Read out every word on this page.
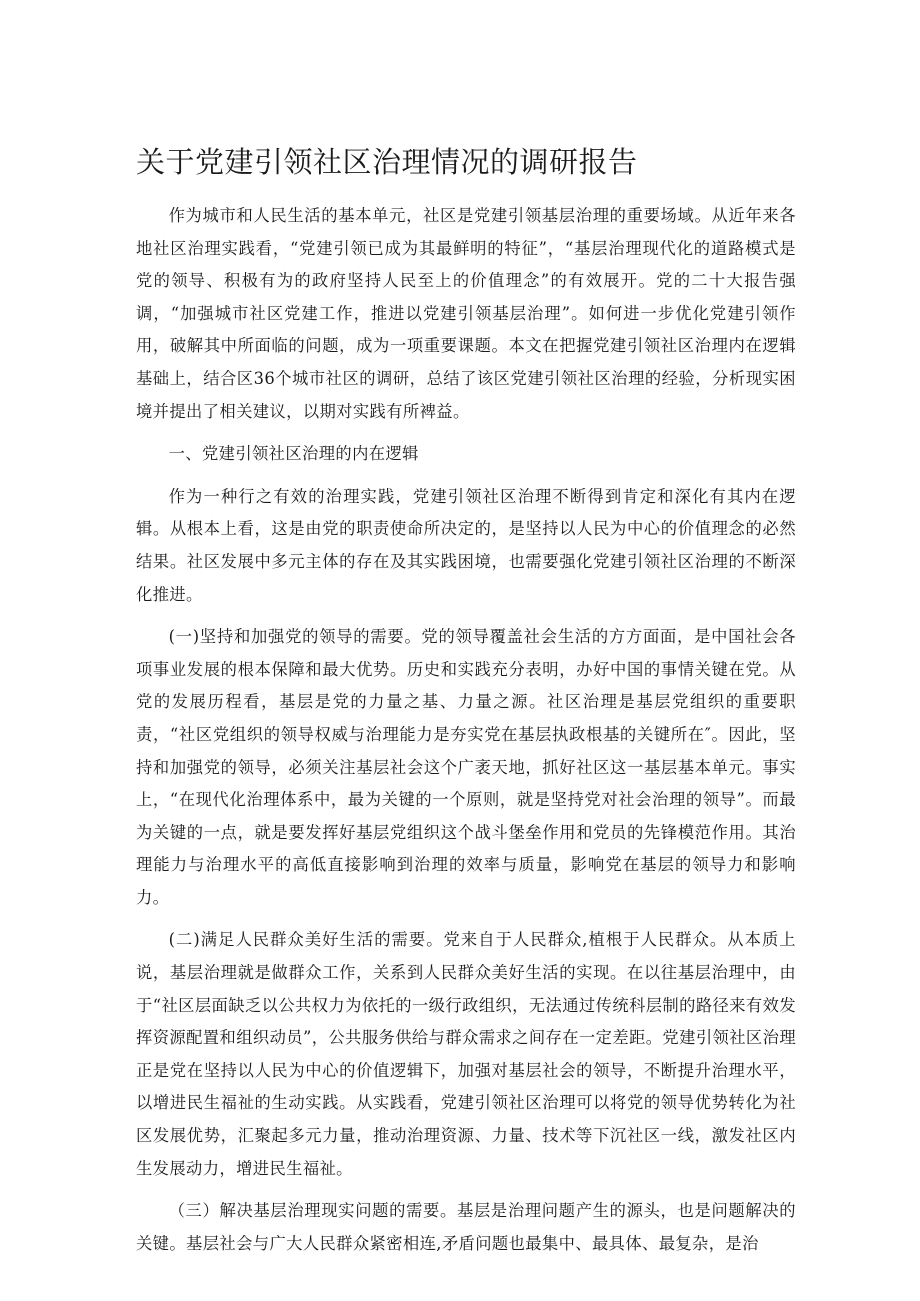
关于党建引领社区治理情况的调研报告

作为城市和人民生活的基本单元，社区是党建引领基层治理的重要场域。从近年来各地社区治理实践看，“党建引领已成为其最鲜明的特征”，“基层治理现代化的道路模式是党的领导、积极有为的政府坚持人民至上的价值理念”的有效展开。党的二十大报告强调，“加强城市社区党建工作，推进以党建引领基层治理”。如何进一步优化党建引领作用，破解其中所面临的问题，成为一项重要课题。本文在把握党建引领社区治理内在逻辑基础上，结合区36个城市社区的调研，总结了该区党建引领社区治理的经验，分析现实困境并提出了相关建议，以期对实践有所裨益。

一、党建引领社区治理的内在逻辑

作为一种行之有效的治理实践，党建引领社区治理不断得到肯定和深化有其内在逻辑。从根本上看，这是由党的职责使命所决定的，是坚持以人民为中心的价值理念的必然结果。社区发展中多元主体的存在及其实践困境，也需要强化党建引领社区治理的不断深化推进。

(一)坚持和加强党的领导的需要。党的领导覆盖社会生活的方方面面，是中国社会各项事业发展的根本保障和最大优势。历史和实践充分表明，办好中国的事情关键在党。从党的发展历程看，基层是党的力量之基、力量之源。社区治理是基层党组织的重要职责，“社区党组织的领导权威与治理能力是夯实党在基层执政根基的关键所在″。因此，坚持和加强党的领导，必须关注基层社会这个广袤天地，抓好社区这一基层基本单元。事实上，“在现代化治理体系中，最为关键的一个原则，就是坚持党对社会治理的领导”。而最为关键的一点，就是要发挥好基层党组织这个战斗堡垒作用和党员的先锋模范作用。其治理能力与治理水平的高低直接影响到治理的效率与质量，影响党在基层的领导力和影响力。

(二)满足人民群众美好生活的需要。党来自于人民群众,植根于人民群众。从本质上说，基层治理就是做群众工作，关系到人民群众美好生活的实现。在以往基层治理中，由于“社区层面缺乏以公共权力为依托的一级行政组织，无法通过传统科层制的路径来有效发挥资源配置和组织动员”，公共服务供给与群众需求之间存在一定差距。党建引领社区治理正是党在坚持以人民为中心的价值逻辑下，加强对基层社会的领导，不断提升治理水平，以增进民生福祉的生动实践。从实践看，党建引领社区治理可以将党的领导优势转化为社区发展优势，汇聚起多元力量，推动治理资源、力量、技术等下沉社区一线，激发社区内生发展动力，增进民生福祉。

（三）解决基层治理现实问题的需要。基层是治理问题产生的源头，也是问题解决的关键。基层社会与广大人民群众紧密相连,矛盾问题也最集中、最具体、最复杂，是治
